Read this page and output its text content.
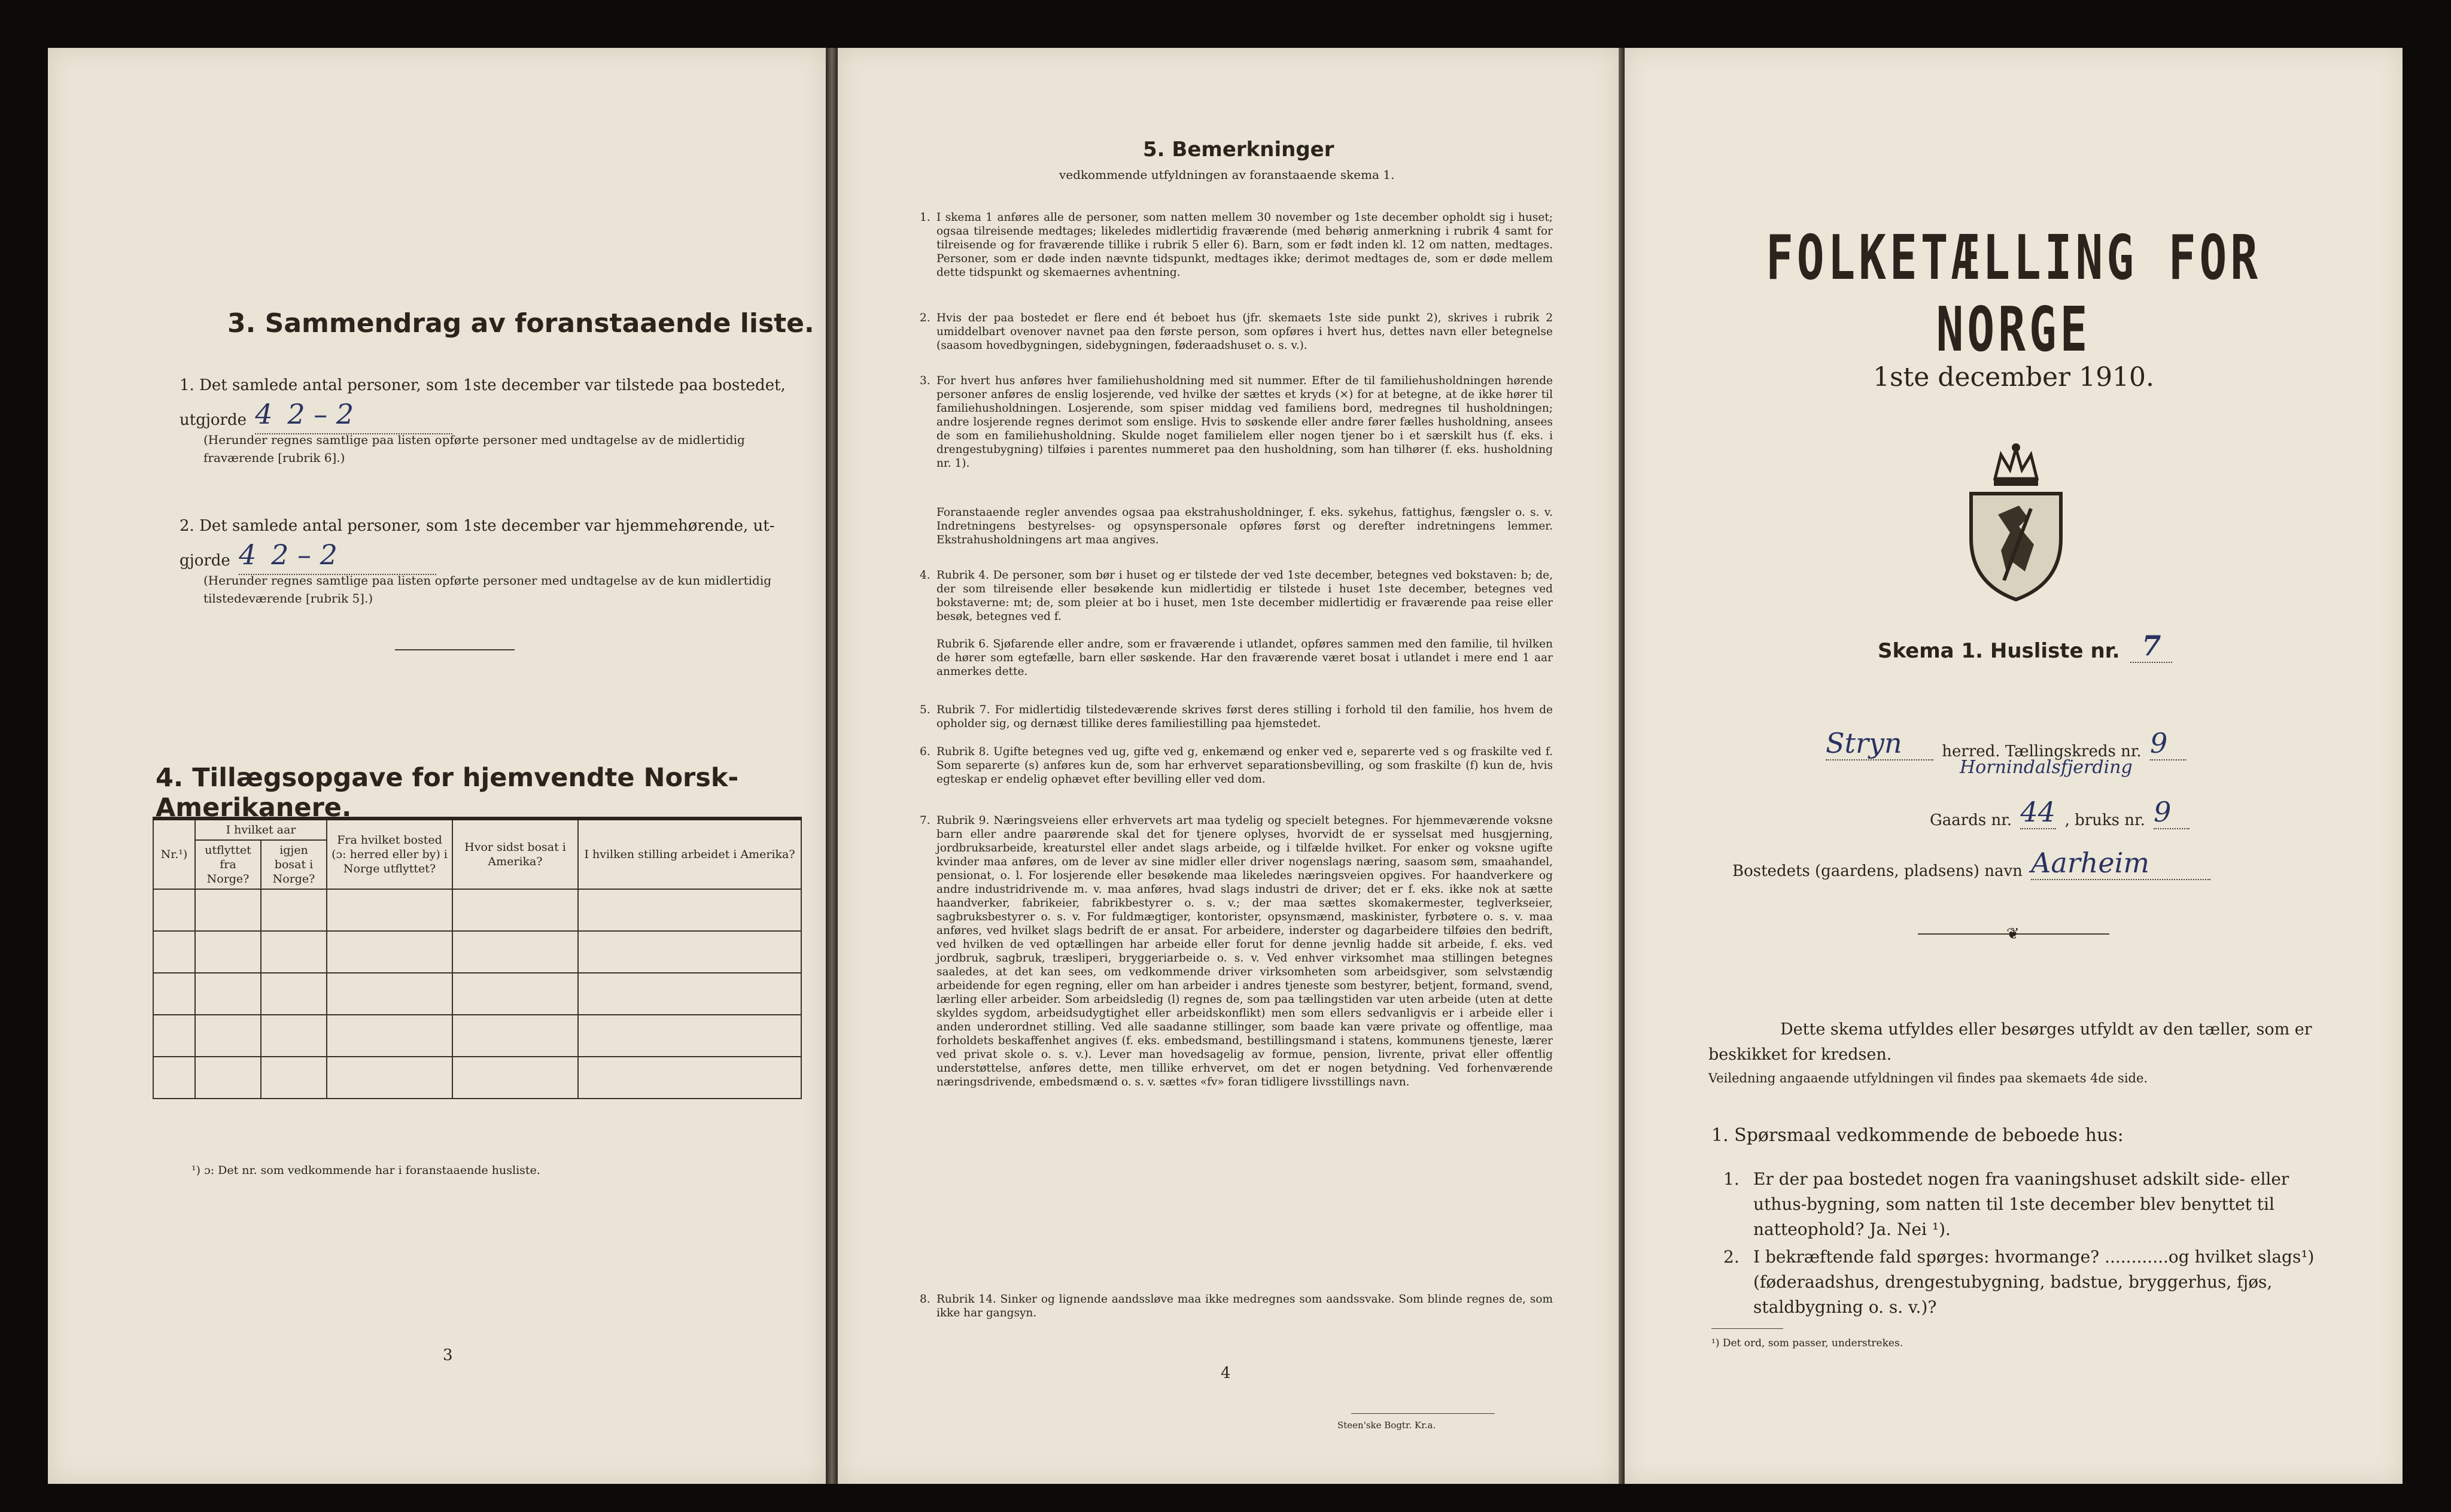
3. Sammendrag av foranstaaende liste.
1. Det samlede antal personer, som 1ste december var tilstede paa bostedet,
utgjorde 4 2 – 2
(Herunder regnes samtlige paa listen opførte personer med undtagelse av de midlertidig fraværende [rubrik 6].)
2. Det samlede antal personer, som 1ste december var hjemmehørende, ut-
gjorde 4 2 – 2
(Herunder regnes samtlige paa listen opførte personer med undtagelse av de kun midlertidig tilstedeværende [rubrik 5].)
4. Tillægsopgave for hjemvendte Norsk-Amerikanere.
Nr.¹)	I hvilket aar		Fra hvilket bosted (ɔ: herred eller by) i Norge utflyttet?	Hvor sidst bosat i Amerika?	I hvilken stilling arbeidet i Amerika?
	utflyttet fra Norge?	igjen bosat i Norge?			

¹) ɔ: Det nr. som vedkommende har i foranstaaende husliste.
3
5. Bemerkninger
vedkommende utfyldningen av foranstaaende skema 1.
1. I skema 1 anføres alle de personer, som natten mellem 30 november og 1ste december opholdt sig i huset; ogsaa tilreisende medtages; likeledes midlertidig fraværende (med behørig anmerkning i rubrik 4 samt for tilreisende og for fraværende tillike i rubrik 5 eller 6). Barn, som er født inden kl. 12 om natten, medtages. Personer, som er døde inden nævnte tidspunkt, medtages ikke; derimot medtages de, som er døde mellem dette tidspunkt og skemaernes avhentning.

2. Hvis der paa bostedet er flere end ét beboet hus (jfr. skemaets 1ste side punkt 2), skrives i rubrik 2 umiddelbart ovenover navnet paa den første person, som opføres i hvert hus, dettes navn eller betegnelse (saasom hovedbygningen, sidebygningen, føderaadshuset o. s. v.).

3. For hvert hus anføres hver familiehusholdning med sit nummer. Efter de til familiehusholdningen hørende personer anføres de enslig losjerende, ved hvilke der sættes et kryds (×) for at betegne, at de ikke hører til familiehusholdningen. Losjerende, som spiser middag ved familiens bord, medregnes til husholdningen; andre losjerende regnes derimot som enslige. Hvis to søskende eller andre fører fælles husholdning, ansees de som en familiehusholdning. Skulde noget familielem eller nogen tjener bo i et særskilt hus (f. eks. i drengestubygning) tilføies i parentes nummeret paa den husholdning, som han tilhører (f. eks. husholdning nr. 1).

Foranstaaende regler anvendes ogsaa paa ekstrahusholdninger, f. eks. sykehus, fattighus, fængsler o. s. v. Indretningens bestyrelses- og opsynspersonale opføres først og derefter indretningens lemmer. Ekstrahusholdningens art maa angives.

4. Rubrik 4. De personer, som bør i huset og er tilstede der ved 1ste december, betegnes ved bokstaven: b; de, der som tilreisende eller besøkende kun midlertidig er tilstede i huset 1ste december, betegnes ved bokstaverne: mt; de, som pleier at bo i huset, men 1ste december midlertidig er fraværende paa reise eller besøk, betegnes ved f.

Rubrik 6. Sjøfarende eller andre, som er fraværende i utlandet, opføres sammen med den familie, til hvilken de hører som egtefælle, barn eller søskende. Har den fraværende været bosat i utlandet i mere end 1 aar anmerkes dette.

5. Rubrik 7. For midlertidig tilstedeværende skrives først deres stilling i forhold til den familie, hos hvem de opholder sig, og dernæst tillike deres familiestilling paa hjemstedet.

6. Rubrik 8. Ugifte betegnes ved ug, gifte ved g, enkemænd og enker ved e, separerte ved s og fraskilte ved f. Som separerte (s) anføres kun de, som har erhvervet separationsbevilling, og som fraskilte (f) kun de, hvis egteskap er endelig ophævet efter bevilling eller ved dom.

7. Rubrik 9. Næringsveiens eller erhvervets art maa tydelig og specielt betegnes. For hjemmeværende voksne barn eller andre paarørende skal det for tjenere oplyses, hvorvidt de er sysselsat med husgjerning, jordbruksarbeide, kreaturstel eller andet slags arbeide, og i tilfælde hvilket. For enker og voksne ugifte kvinder maa anføres, om de lever av sine midler eller driver nogenslags næring, saasom søm, smaahandel, pensionat, o. l. For losjerende eller besøkende maa likeledes næringsveien opgives. For haandverkere og andre industridrivende m. v. maa anføres, hvad slags industri de driver; det er f. eks. ikke nok at sætte haandverker, fabrikeier, fabrikbestyrer o. s. v.; der maa sættes skomakermester, teglverkseier, sagbruksbestyrer o. s. v. For fuldmægtiger, kontorister, opsynsmænd, maskinister, fyrbøtere o. s. v. maa anføres, ved hvilket slags bedrift de er ansat. For arbeidere, inderster og dagarbeidere tilføies den bedrift, ved hvilken de ved optællingen har arbeide eller forut for denne jevnlig hadde sit arbeide, f. eks. ved jordbruk, sagbruk, træsliperi, bryggeriarbeide o. s. v. Ved enhver virksomhet maa stillingen betegnes saaledes, at det kan sees, om vedkommende driver virksomheten som arbeidsgiver, som selvstændig arbeidende for egen regning, eller om han arbeider i andres tjeneste som bestyrer, betjent, formand, svend, lærling eller arbeider. Som arbeidsledig (l) regnes de, som paa tællingstiden var uten arbeide (uten at dette skyldes sygdom, arbeidsudygtighet eller arbeidskonflikt) men som ellers sedvanligvis er i arbeide eller i anden underordnet stilling. Ved alle saadanne stillinger, som baade kan være private og offentlige, maa forholdets beskaffenhet angives (f. eks. embedsmand, bestillingsmand i statens, kommunens tjeneste, lærer ved privat skole o. s. v.). Lever man hovedsagelig av formue, pension, livrente, privat eller offentlig understøttelse, anføres dette, men tillike erhvervet, om det er nogen betydning. Ved forhenværende næringsdrivende, embedsmænd o. s. v. sættes «fv» foran tidligere livsstillings navn.

8. Rubrik 14. Sinker og lignende aandssløve maa ikke medregnes som aandssvake. Som blinde regnes de, som ikke har gangsyn.

4
Steen'ske Bogtr. Kr.a.
FOLKETÆLLING FOR NORGE
1ste december 1910.
Skema 1. Husliste nr. 7
Stryn	herred. Tællingskreds nr. 9
Hornindalsfjerding
Gaards nr. 44 , bruks nr. 9
Bostedets (gaardens, pladsens) navn Aarheim
❦
Dette skema utfyldes eller besørges utfyldt av den tæller, som er beskikket for kredsen.
Veiledning angaaende utfyldningen vil findes paa skemaets 4de side.
1. Spørsmaal vedkommende de beboede hus:
1. Er der paa bostedet nogen fra vaaningshuset adskilt side- eller uthus-bygning, som natten til 1ste december blev benyttet til natteophold? Ja. Nei ¹).
2. I bekræftende fald spørges: hvormange? ............og hvilket slags¹) (føderaadshus, drengestubygning, badstue, bryggerhus, fjøs, staldbygning o. s. v.)?
¹) Det ord, som passer, understrekes.
